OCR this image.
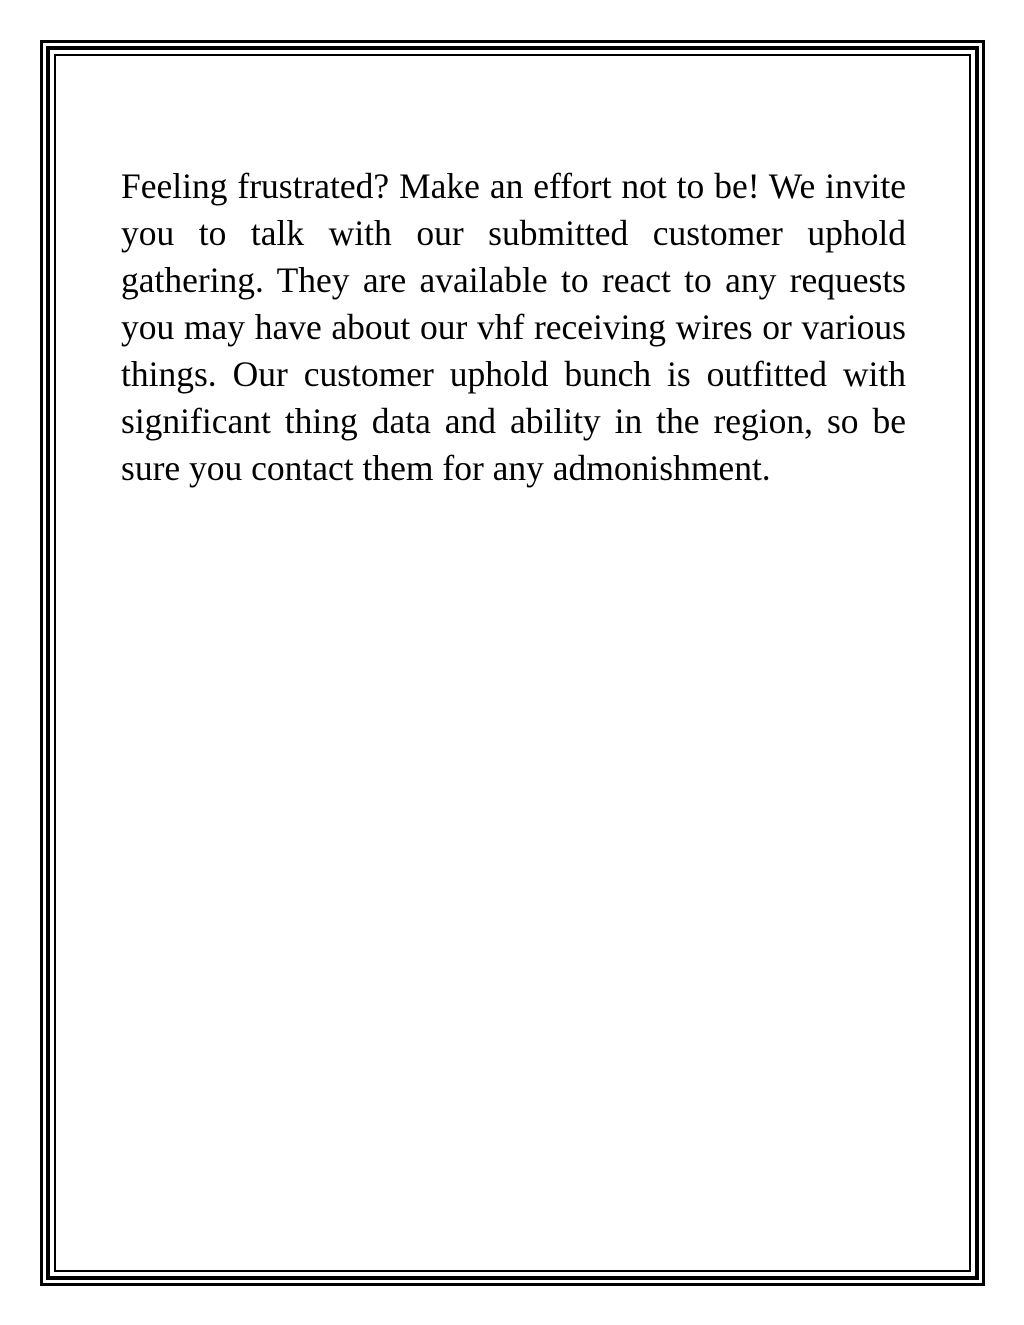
Feeling frustrated? Make an effort not to be! We invite you to talk with our submitted customer uphold gathering. They are available to react to any requests you may have about our vhf receiving wires or various things. Our customer uphold bunch is outfitted with significant thing data and ability in the region, so be sure you contact them for any admonishment.
